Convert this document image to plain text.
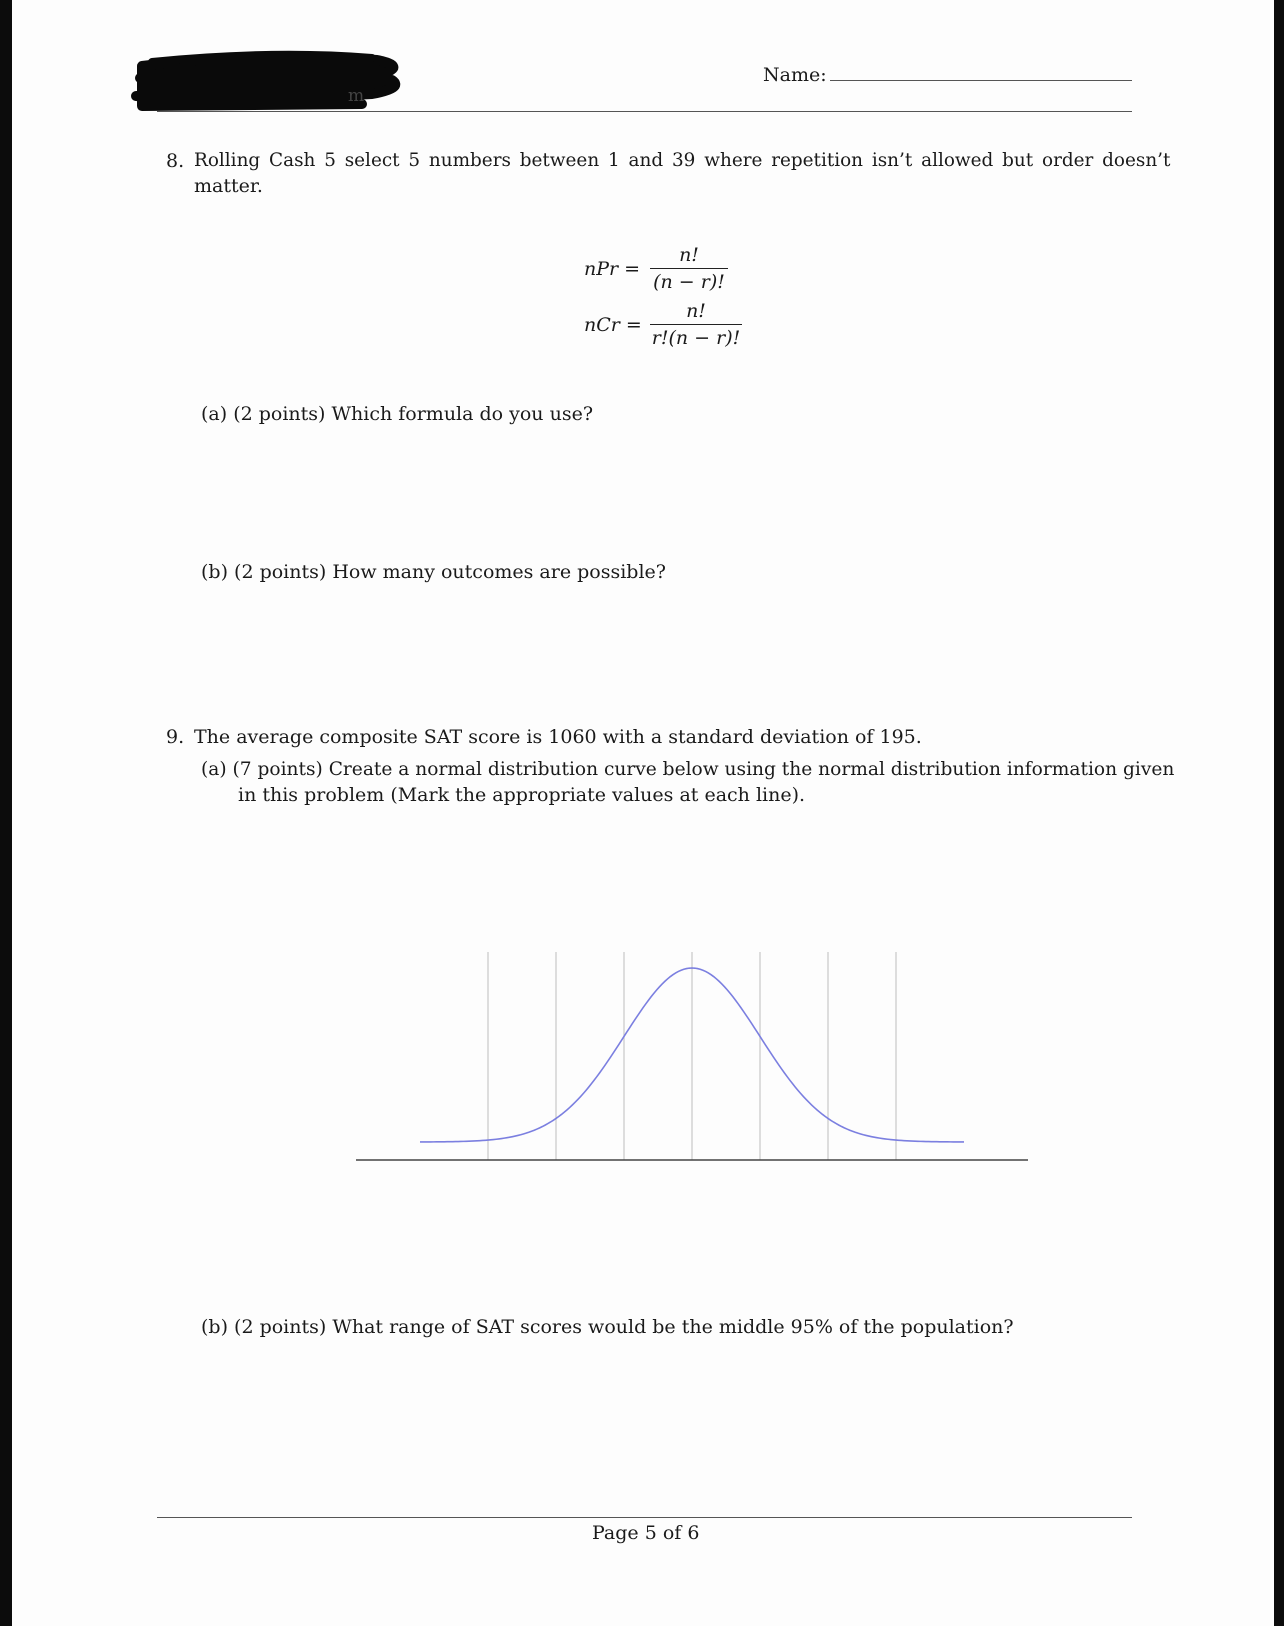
m
Name:
8. Rolling Cash 5 select 5 numbers between 1 and 39 where repetition isn’t allowed but order doesn’t
matter.
nPr =
n!
(n − r)!
nCr =
n!
r!(n − r)!
(a) (2 points) Which formula do you use?
(b) (2 points) How many outcomes are possible?
9. The average composite SAT score is 1060 with a standard deviation of 195.
(a) (7 points) Create a normal distribution curve below using the normal distribution information given
in this problem (Mark the appropriate values at each line).
(b) (2 points) What range of SAT scores would be the middle 95% of the population?
Page 5 of 6
